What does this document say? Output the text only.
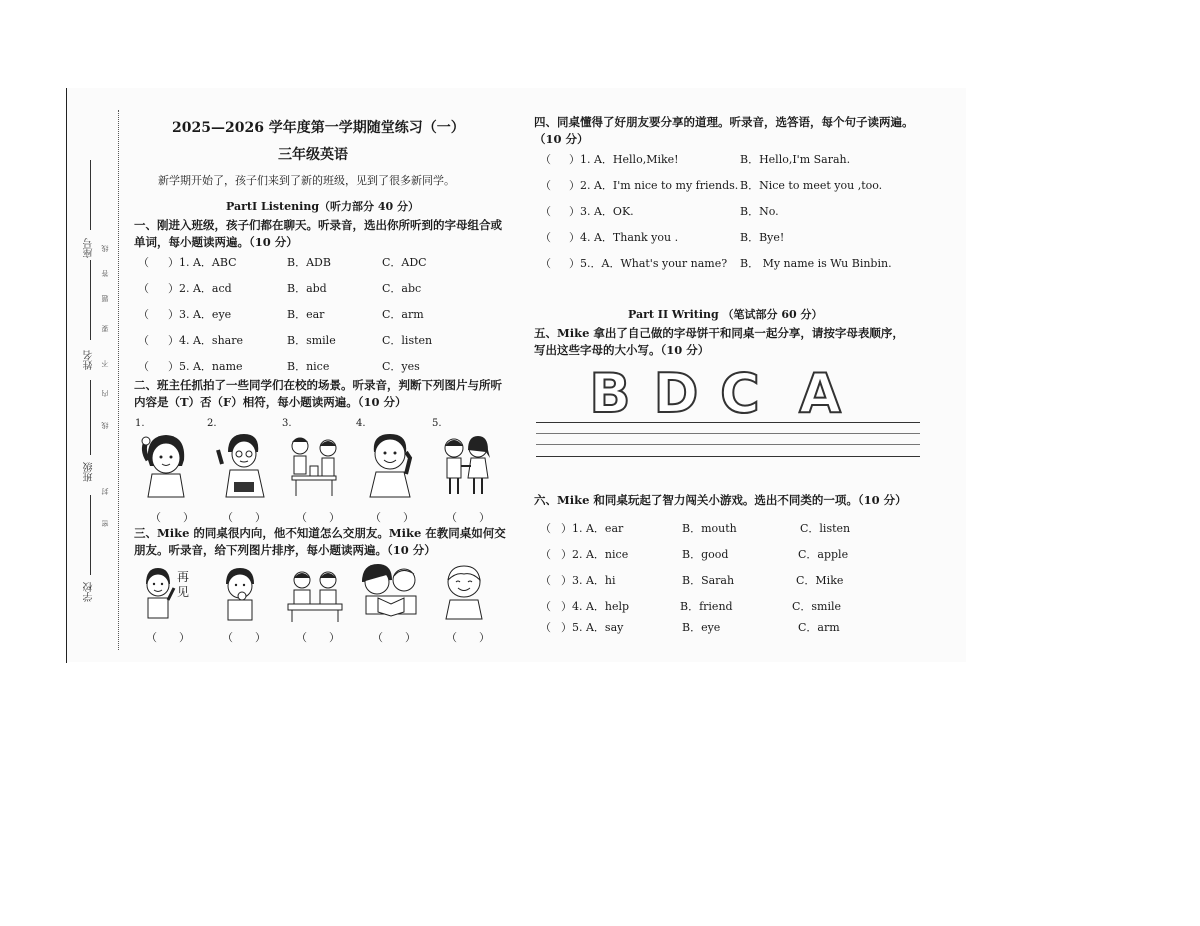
座号
姓名
班级
学校
线
答
题
要
不
内
线
封
密
2025—2026 学年度第一学期随堂练习（一）
三年级英语
新学期开始了，孩子们来到了新的班级，见到了很多新同学。
PartI Listening（听力部分 40 分）
一、刚进入班级，孩子们都在聊天。听录音，选出你所听到的字母组合或单词，每小题读两遍。（10 分）
（ ）1. A．ABC	B．ADB	C．ADC
（ ）2. A．acd	B．abd	C．abc
（ ）3. A．eye	B．ear	C．arm
（ ）4. A．share	B．smile	C．listen
（ ）5. A．name	B．nice	C．yes
二、班主任抓拍了一些同学们在校的场景。听录音，判断下列图片与所听内容是（T）否（F）相符，每小题读两遍。（10 分）
1.	2.	3.	4.	5.
（　　）	（　　）	（　　）	（　　）	（　　）
三、Mike 的同桌很内向，他不知道怎么交朋友。Mike 在教同桌如何交朋友。听录音，给下列图片排序，每小题读两遍。（10 分）
再见
（　　）	（　　）	（　　）	（　　）	（　　）
四、同桌懂得了好朋友要分享的道理。听录音，选答语，每个句子读两遍。（10 分）
（ ）1. A．Hello,Mike!	B．Hello,I'm Sarah.
（ ）2. A．I'm nice to my friends. B．Nice to meet you ,too.
（ ）3. A．OK.	B．No.
（ ）4. A．Thank you .	B．Bye!
（ ）5.．A．What's your name? B． My name is Wu Binbin.
Part II Writing （笔试部分 60 分）
五、Mike 拿出了自己做的字母饼干和同桌一起分享，请按字母表顺序，写出这些字母的大小写。（10 分）
B D C A
六、Mike 和同桌玩起了智力闯关小游戏。选出不同类的一项。（10 分）
（ ）1. A．ear	B．mouth	C．listen
（ ）2. A．nice	B．good	C．apple
（ ）3. A．hi	B．Sarah	C．Mike
（ ）4. A．help	B．friend	C．smile
（ ）5. A．say	B．eye	C．arm
